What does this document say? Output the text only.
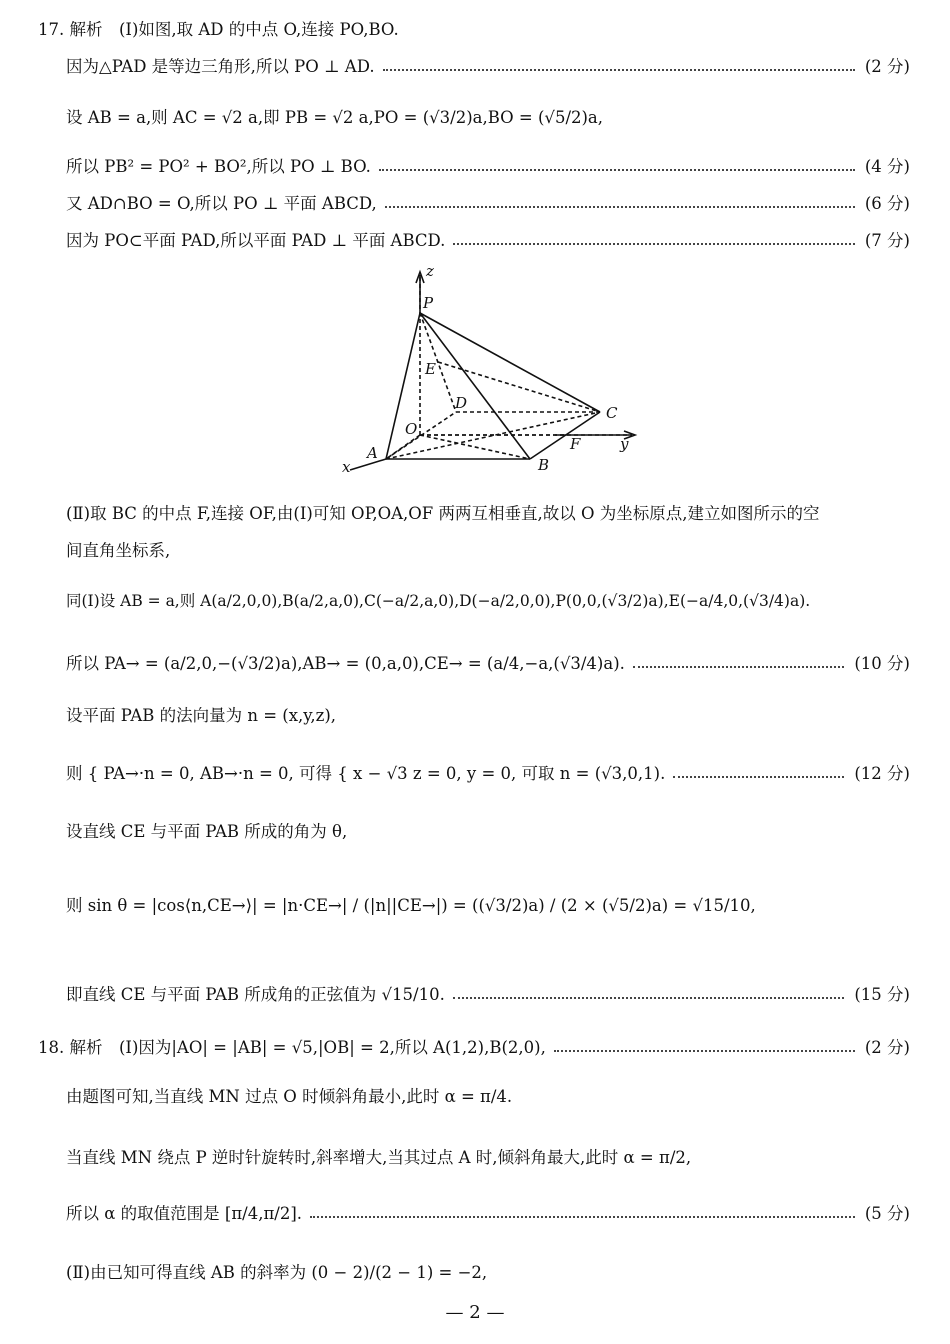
17. 解析　(Ⅰ)如图,取 AD 的中点 O,连接 PO,BO.
因为△PAD 是等边三角形,所以 PO ⊥ AD.	(2 分)
设 AB = a,则 AC = √2 a,即 PB = √2 a,PO = (√3/2)a,BO = (√5/2)a,
所以 PB² = PO² + BO²,所以 PO ⊥ BO.	(4 分)
又 AD∩BO = O,所以 PO ⊥ 平面 ABCD,	(6 分)
因为 PO⊂平面 PAD,所以平面 PAD ⊥ 平面 ABCD.	(7 分)
P
E
D
C
O
F
A
B
x
y
z
(Ⅱ)取 BC 的中点 F,连接 OF,由(Ⅰ)可知 OP,OA,OF 两两互相垂直,故以 O 为坐标原点,建立如图所示的空
间直角坐标系,
同(Ⅰ)设 AB = a,则 A(a/2,0,0),B(a/2,a,0),C(−a/2,a,0),D(−a/2,0,0),P(0,0,(√3/2)a),E(−a/4,0,(√3/4)a).
所以 PA→ = (a/2,0,−(√3/2)a),AB→ = (0,a,0),CE→ = (a/4,−a,(√3/4)a).	(10 分)
设平面 PAB 的法向量为 n = (x,y,z),
则 { PA→·n = 0, AB→·n = 0, 可得 { x − √3 z = 0, y = 0, 可取 n = (√3,0,1).	(12 分)
设直线 CE 与平面 PAB 所成的角为 θ,
则 sin θ = |cos⟨n,CE→⟩| = |n·CE→| / (|n||CE→|) = ((√3/2)a) / (2 × (√5/2)a) = √15/10,
即直线 CE 与平面 PAB 所成角的正弦值为 √15/10.	(15 分)
18. 解析　(Ⅰ)因为|AO| = |AB| = √5,|OB| = 2,所以 A(1,2),B(2,0),	(2 分)
由题图可知,当直线 MN 过点 O 时倾斜角最小,此时 α = π/4.
当直线 MN 绕点 P 逆时针旋转时,斜率增大,当其过点 A 时,倾斜角最大,此时 α = π/2,
所以 α 的取值范围是 [π/4,π/2].	(5 分)
(Ⅱ)由已知可得直线 AB 的斜率为 (0 − 2)/(2 − 1) = −2,
— 2 —
